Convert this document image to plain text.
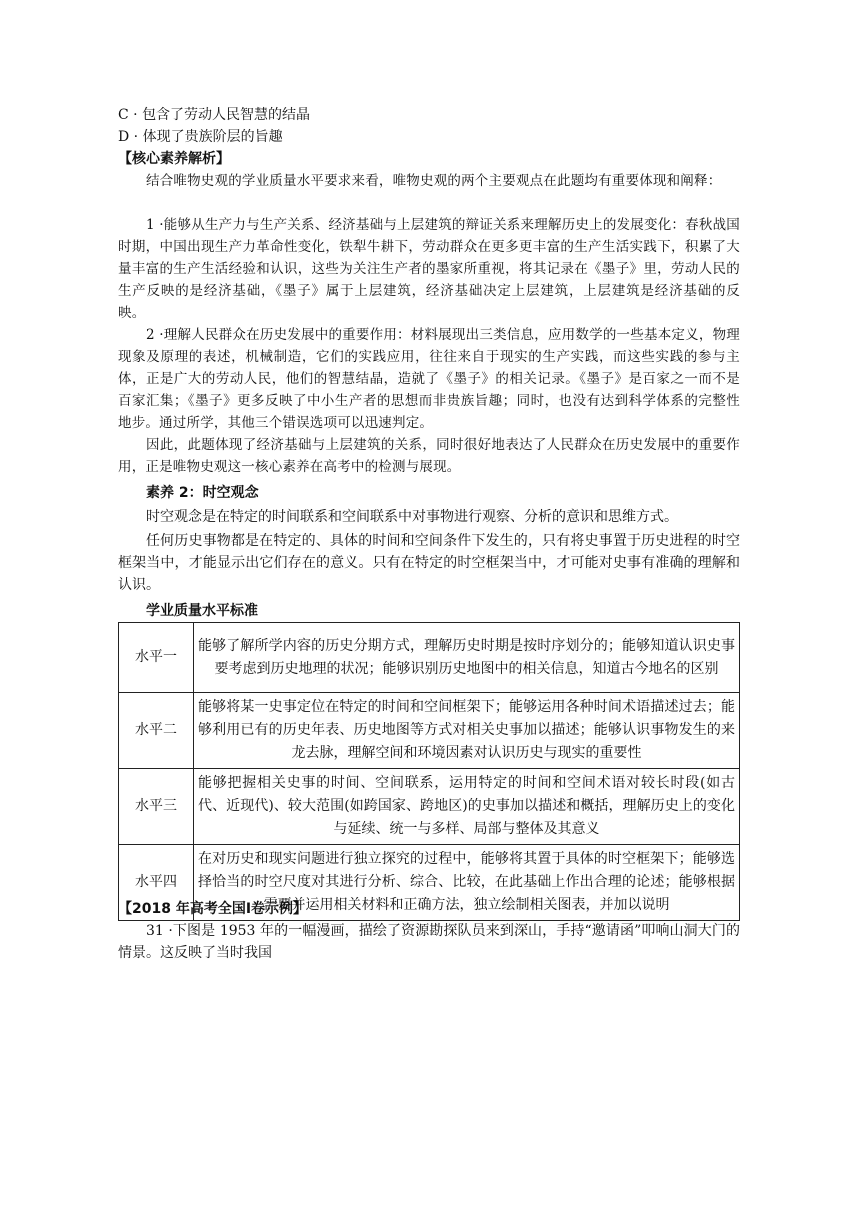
C · 包含了劳动人民智慧的结晶
D · 体现了贵族阶层的旨趣
【核心素养解析】
结合唯物史观的学业质量水平要求来看，唯物史观的两个主要观点在此题均有重要体现和阐释：
1 ·能够从生产力与生产关系、经济基础与上层建筑的辩证关系来理解历史上的发展变化：春秋战国时期，中国出现生产力革命性变化，铁犁牛耕下，劳动群众在更多更丰富的生产生活实践下，积累了大量丰富的生产生活经验和认识，这些为关注生产者的墨家所重视，将其记录在《墨子》里，劳动人民的生产反映的是经济基础，《墨子》属于上层建筑，经济基础决定上层建筑，上层建筑是经济基础的反映。
2 ·理解人民群众在历史发展中的重要作用：材料展现出三类信息，应用数学的一些基本定义，物理现象及原理的表述，机械制造，它们的实践应用，往往来自于现实的生产实践，而这些实践的参与主体，正是广大的劳动人民，他们的智慧结晶，造就了《墨子》的相关记录。《墨子》是百家之一而不是百家汇集；《墨子》更多反映了中小生产者的思想而非贵族旨趣；同时，也没有达到科学体系的完整性地步。通过所学，其他三个错误选项可以迅速判定。
因此，此题体现了经济基础与上层建筑的关系，同时很好地表达了人民群众在历史发展中的重要作用，正是唯物史观这一核心素养在高考中的检测与展现。
素养 2：时空观念
时空观念是在特定的时间联系和空间联系中对事物进行观察、分析的意识和思维方式。
任何历史事物都是在特定的、具体的时间和空间条件下发生的，只有将史事置于历史进程的时空框架当中，才能显示出它们存在的意义。只有在特定的时空框架当中，才可能对史事有准确的理解和认识。
学业质量水平标准
水平一	能够了解所学内容的历史分期方式，理解历史时期是按时序划分的；能够知道认识史事要考虑到历史地理的状况；能够识别历史地图中的相关信息，知道古今地名的区别
水平二	能够将某一史事定位在特定的时间和空间框架下；能够运用各种时间术语描述过去；能够利用已有的历史年表、历史地图等方式对相关史事加以描述；能够认识事物发生的来龙去脉，理解空间和环境因素对认识历史与现实的重要性
水平三	能够把握相关史事的时间、空间联系，运用特定的时间和空间术语对较长时段(如古代、近现代)、较大范围(如跨国家、跨地区)的史事加以描述和概括，理解历史上的变化与延续、统一与多样、局部与整体及其意义
水平四	在对历史和现实问题进行独立探究的过程中，能够将其置于具体的时空框架下；能够选择恰当的时空尺度对其进行分析、综合、比较，在此基础上作出合理的论述；能够根据需要并运用相关材料和正确方法，独立绘制相关图表，并加以说明
【2018 年高考全国Ⅰ卷示例】
31 ·下图是 1953 年的一幅漫画，描绘了资源勘探队员来到深山，手持“邀请函”叩响山洞大门的情景。这反映了当时我国
